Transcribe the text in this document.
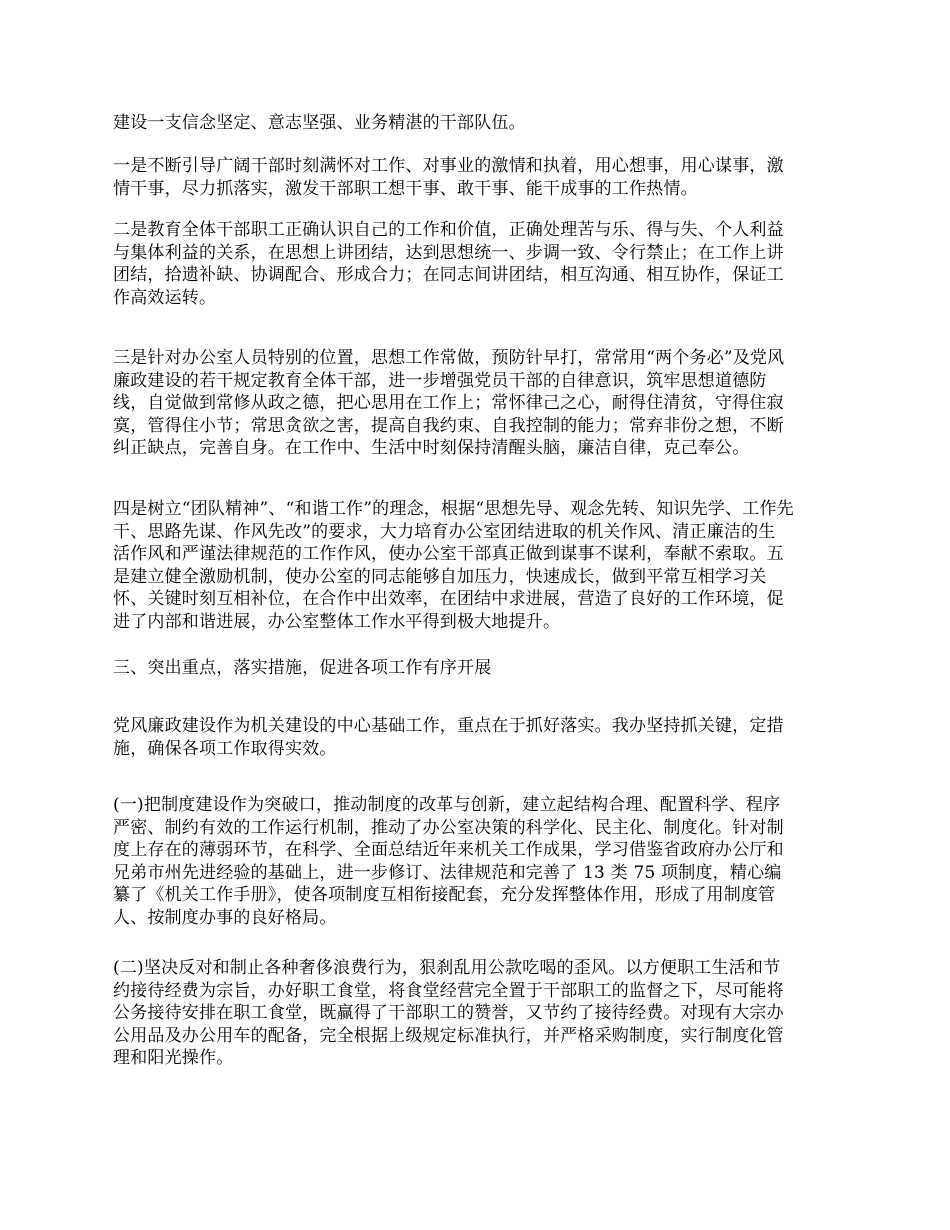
建设一支信念坚定、意志坚强、业务精湛的干部队伍。
一是不断引导广阔干部时刻满怀对工作、对事业的激情和执着，用心想事，用心谋事，激
情干事，尽力抓落实，激发干部职工想干事、敢干事、能干成事的工作热情。
二是教育全体干部职工正确认识自己的工作和价值，正确处理苦与乐、得与失、个人利益
与集体利益的关系，在思想上讲团结，达到思想统一、步调一致、令行禁止；在工作上讲
团结，拾遗补缺、协调配合、形成合力；在同志间讲团结，相互沟通、相互协作，保证工
作高效运转。
三是针对办公室人员特别的位置，思想工作常做，预防针早打，常常用“两个务必”及党风
廉政建设的若干规定教育全体干部，进一步增强党员干部的自律意识，筑牢思想道德防
线，自觉做到常修从政之德，把心思用在工作上；常怀律己之心，耐得住清贫，守得住寂
寞，管得住小节；常思贪欲之害，提高自我约束、自我控制的能力；常弃非份之想，不断
纠正缺点，完善自身。在工作中、生活中时刻保持清醒头脑，廉洁自律，克己奉公。
四是树立“团队精神”、“和谐工作”的理念，根据“思想先导、观念先转、知识先学、工作先
干、思路先谋、作风先改”的要求，大力培育办公室团结进取的机关作风、清正廉洁的生
活作风和严谨法律规范的工作作风，使办公室干部真正做到谋事不谋利，奉献不索取。五
是建立健全激励机制，使办公室的同志能够自加压力，快速成长，做到平常互相学习关
怀、关键时刻互相补位，在合作中出效率，在团结中求进展，营造了良好的工作环境，促
进了内部和谐进展，办公室整体工作水平得到极大地提升。
三、突出重点，落实措施，促进各项工作有序开展
党风廉政建设作为机关建设的中心基础工作，重点在于抓好落实。我办坚持抓关键，定措
施，确保各项工作取得实效。
(一)把制度建设作为突破口，推动制度的改革与创新，建立起结构合理、配置科学、程序
严密、制约有效的工作运行机制，推动了办公室决策的科学化、民主化、制度化。针对制
度上存在的薄弱环节，在科学、全面总结近年来机关工作成果，学习借鉴省政府办公厅和
兄弟市州先进经验的基础上，进一步修订、法律规范和完善了 13 类 75 项制度，精心编
纂了《机关工作手册》，使各项制度互相衔接配套，充分发挥整体作用，形成了用制度管
人、按制度办事的良好格局。
(二)坚决反对和制止各种奢侈浪费行为，狠刹乱用公款吃喝的歪风。以方便职工生活和节
约接待经费为宗旨，办好职工食堂，将食堂经营完全置于干部职工的监督之下，尽可能将
公务接待安排在职工食堂，既赢得了干部职工的赞誉，又节约了接待经费。对现有大宗办
公用品及办公用车的配备，完全根据上级规定标准执行，并严格采购制度，实行制度化管
理和阳光操作。
